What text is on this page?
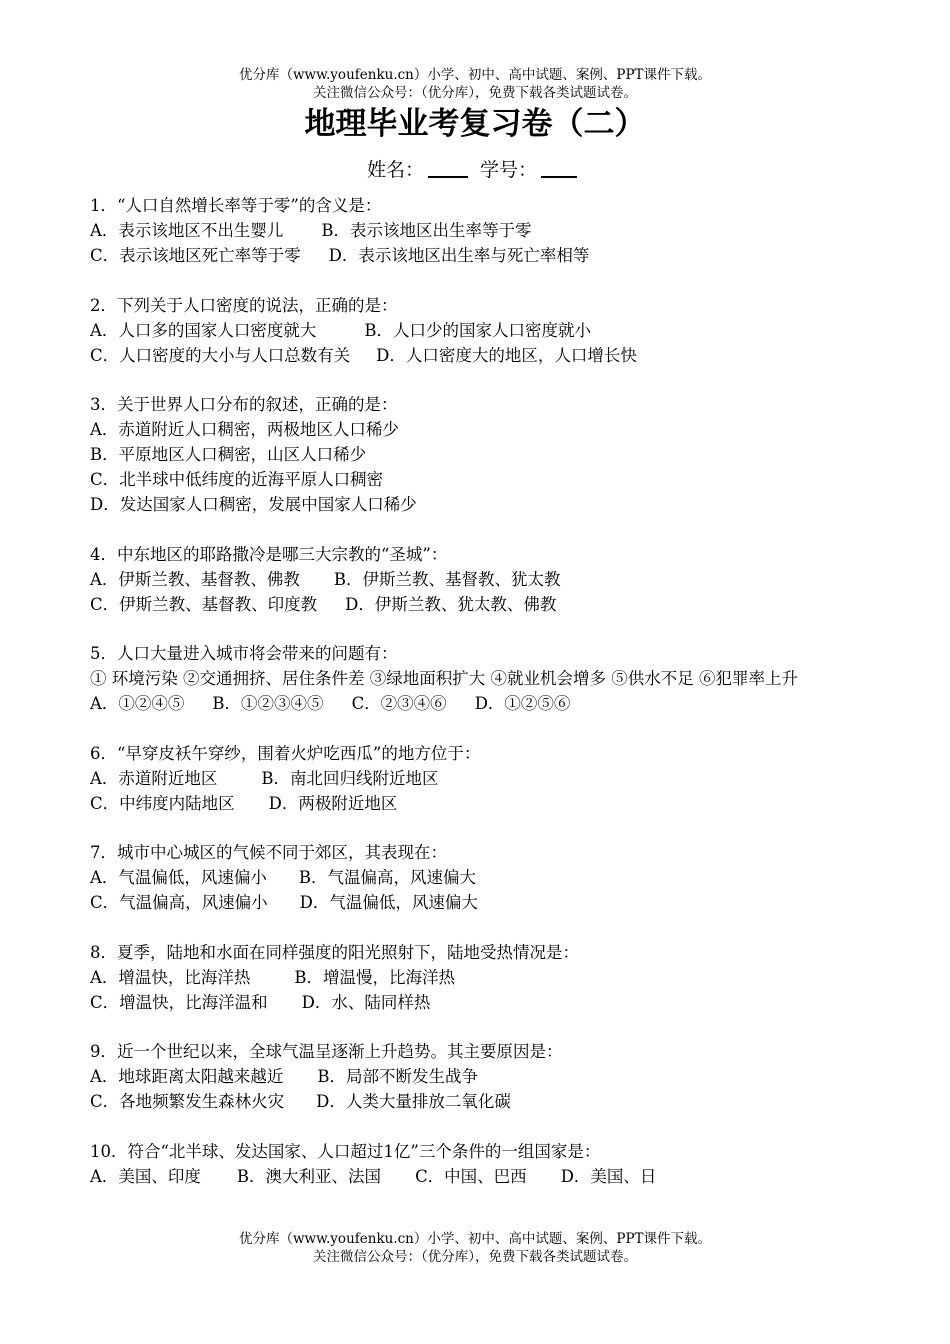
优分库（www.youfenku.cn）小学、初中、高中试题、案例、PPT课件下载。
关注微信公众号：（优分库），免费下载各类试题试卷。
地理毕业考复习卷（二）
姓名：	学号：
1．“人口自然增长率等于零”的含义是：
A．表示该地区不出生婴儿 B．表示该地区出生率等于零
C．表示该地区死亡率等于零 D．表示该地区出生率与死亡率相等
2．下列关于人口密度的说法，正确的是：
A．人口多的国家人口密度就大	B．人口少的国家人口密度就小
C．人口密度的大小与人口总数有关 D．人口密度大的地区，人口增长快
3．关于世界人口分布的叙述，正确的是：
A．赤道附近人口稠密，两极地区人口稀少
B．平原地区人口稠密，山区人口稀少
C．北半球中低纬度的近海平原人口稠密
D．发达国家人口稠密，发展中国家人口稀少
4．中东地区的耶路撒冷是哪三大宗教的“圣城”：
A．伊斯兰教、基督教、佛教 B．伊斯兰教、基督教、犹太教
C．伊斯兰教、基督教、印度教 D．伊斯兰教、犹太教、佛教
5．人口大量进入城市将会带来的问题有：
① 环境污染 ②交通拥挤、居住条件差 ③绿地面积扩大 ④就业机会增多 ⑤供水不足 ⑥犯罪率上升
A．①②④⑤ B．①②③④⑤ C．②③④⑥ D．①②⑤⑥
6．“早穿皮袄午穿纱，围着火炉吃西瓜”的地方位于：
A．赤道附近地区	B．南北回归线附近地区
C．中纬度内陆地区 D．两极附近地区
7．城市中心城区的气候不同于郊区，其表现在：
A．气温偏低，风速偏小 B．气温偏高，风速偏大
C．气温偏高，风速偏小 D．气温偏低，风速偏大
8．夏季，陆地和水面在同样强度的阳光照射下，陆地受热情况是：
A．增温快，比海洋热	B．增温慢，比海洋热
C．增温快，比海洋温和 D．水、陆同样热
9．近一个世纪以来，全球气温呈逐渐上升趋势。其主要原因是：
A．地球距离太阳越来越近 B．局部不断发生战争
C．各地频繁发生森林火灾 D．人类大量排放二氧化碳
10．符合“北半球、发达国家、人口超过1亿”三个条件的一组国家是：
A．美国、印度 B．澳大利亚、法国 C．中国、巴西 D．美国、日
优分库（www.youfenku.cn）小学、初中、高中试题、案例、PPT课件下载。
关注微信公众号：（优分库），免费下载各类试题试卷。
